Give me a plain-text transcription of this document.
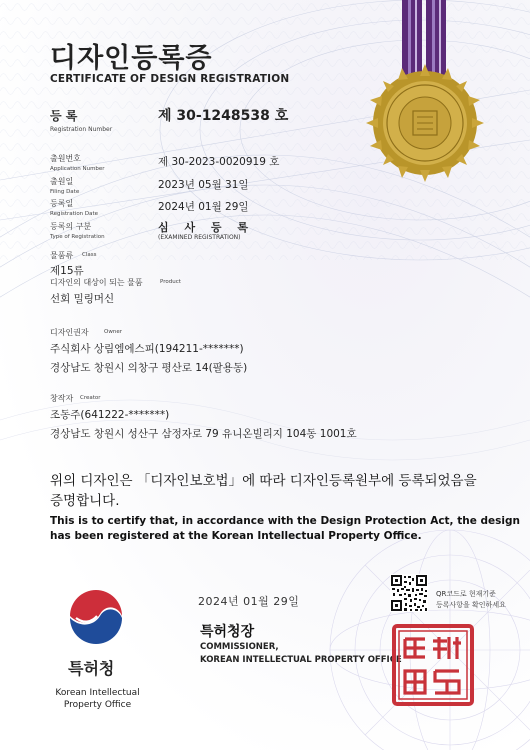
디자인등록증
CERTIFICATE OF DESIGN REGISTRATION
등 록
Registration Number
제 30-1248538 호
출원번호
Application Number
제 30-2023-0020919 호
출원일
Filing Date
2023년 05월 31일
등록일
Registration Date
2024년 01월 29일
등록의 구분
Type of Registration
심 사 등 록
(EXAMINED REGISTRATION)
물품류 Class
제15류
디자인의 대상이 되는 물품	Product
선회 밀링머신
디자인권자	Owner
주식회사 상림엠에스피(194211-*******)
경상남도 창원시 의창구 평산로 14(팔용동)
창작자 Creator
조동주(641222-*******)
경상남도 창원시 성산구 삼정자로 79 유니온빌리지 104동 1001호
위의 디자인은 「디자인보호법」에 따라 디자인등록원부에 등록되었음을
증명합니다.
This is to certify that, in accordance with the Design Protection Act, the design
has been registered at the Korean Intellectual Property Office.
2024년 01월 29일
특허청장
COMMISSIONER,
KOREAN INTELLECTUAL PROPERTY OFFICE
QR코드로 현재기준
등록사항을 확인하세요
특허청
Korean Intellectual
Property Office
